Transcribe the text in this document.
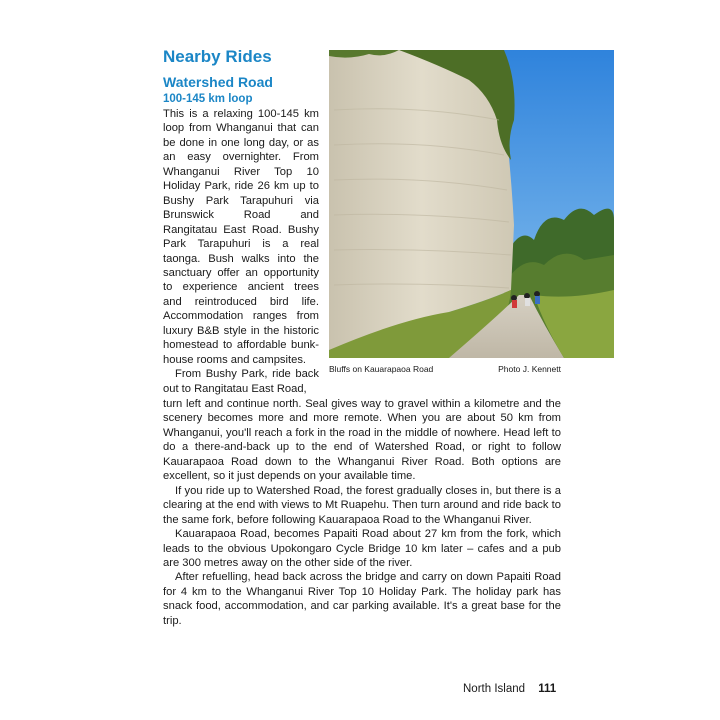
Nearby Rides
Watershed Road
100-145 km loop

This is a relaxing 100-145 km loop from Whanganui that can be done in one long day, or as an easy overnighter. From Whanganui River Top 10 Holiday Park, ride 26 km up to Bushy Park Tarapuhuri via Brunswick Road and Rangitatau East Road. Bushy Park Tarapuhuri is a real taonga. Bush walks into the sanctuary offer an opportunity to experience ancient trees and reintroduced bird life. Accommodation ranges from luxury B&B style in the historic homestead to affordable bunk-house rooms and campsites.

From Bushy Park, ride back out to Rangitatau East Road,

Bluffs on Kauarapaoa Road	Photo J. Kennett

turn left and continue north. Seal gives way to gravel within a kilometre and the scenery becomes more and more remote. When you are about 50 km from Whanganui, you'll reach a fork in the road in the middle of nowhere. Head left to do a there-and-back up to the end of Watershed Road, or right to follow Kauarapaoa Road down to the Whanganui River Road. Both options are excellent, so it just depends on your available time.

If you ride up to Watershed Road, the forest gradually closes in, but there is a clearing at the end with views to Mt Ruapehu. Then turn around and ride back to the same fork, before following Kauarapaoa Road to the Whanganui River.

Kauarapaoa Road, becomes Papaiti Road about 27 km from the fork, which leads to the obvious Upokongaro Cycle Bridge 10 km later – cafes and a pub are 300 metres away on the other side of the river.

After refuelling, head back across the bridge and carry on down Papaiti Road for 4 km to the Whanganui River Top 10 Holiday Park. The holiday park has snack food, accommodation, and car parking available. It's a great base for the trip.

North Island 111
